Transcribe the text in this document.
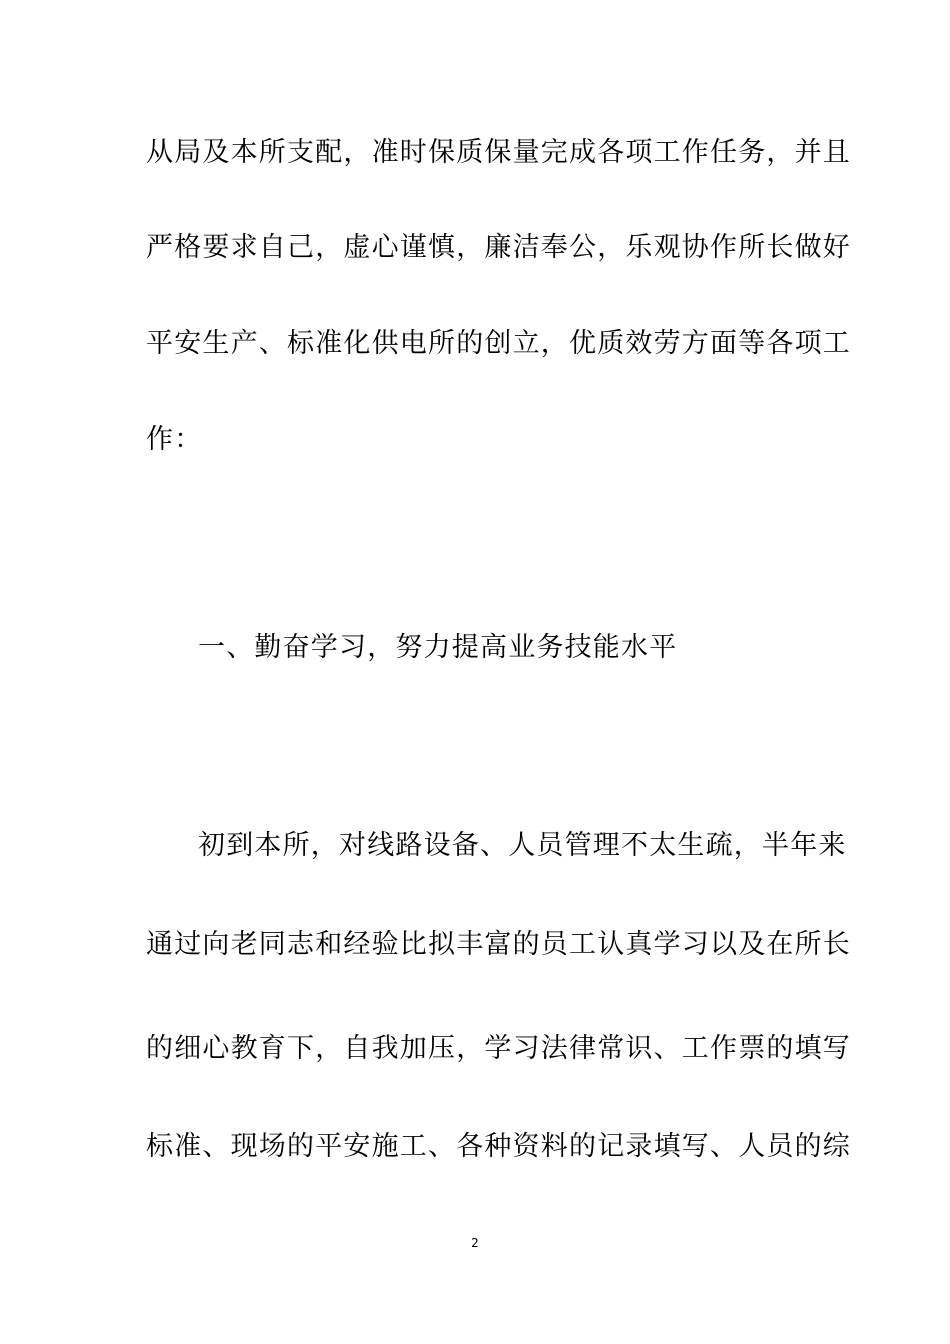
从局及本所支配，准时保质保量完成各项工作任务，并且
严格要求自己，虚心谨慎，廉洁奉公，乐观协作所长做好
平安生产、标准化供电所的创立，优质效劳方面等各项工
作：
一、勤奋学习，努力提高业务技能水平
初到本所，对线路设备、人员管理不太生疏，半年来
通过向老同志和经验比拟丰富的员工认真学习以及在所长
的细心教育下，自我加压，学习法律常识、工作票的填写
标准、现场的平安施工、各种资料的记录填写、人员的综
2
